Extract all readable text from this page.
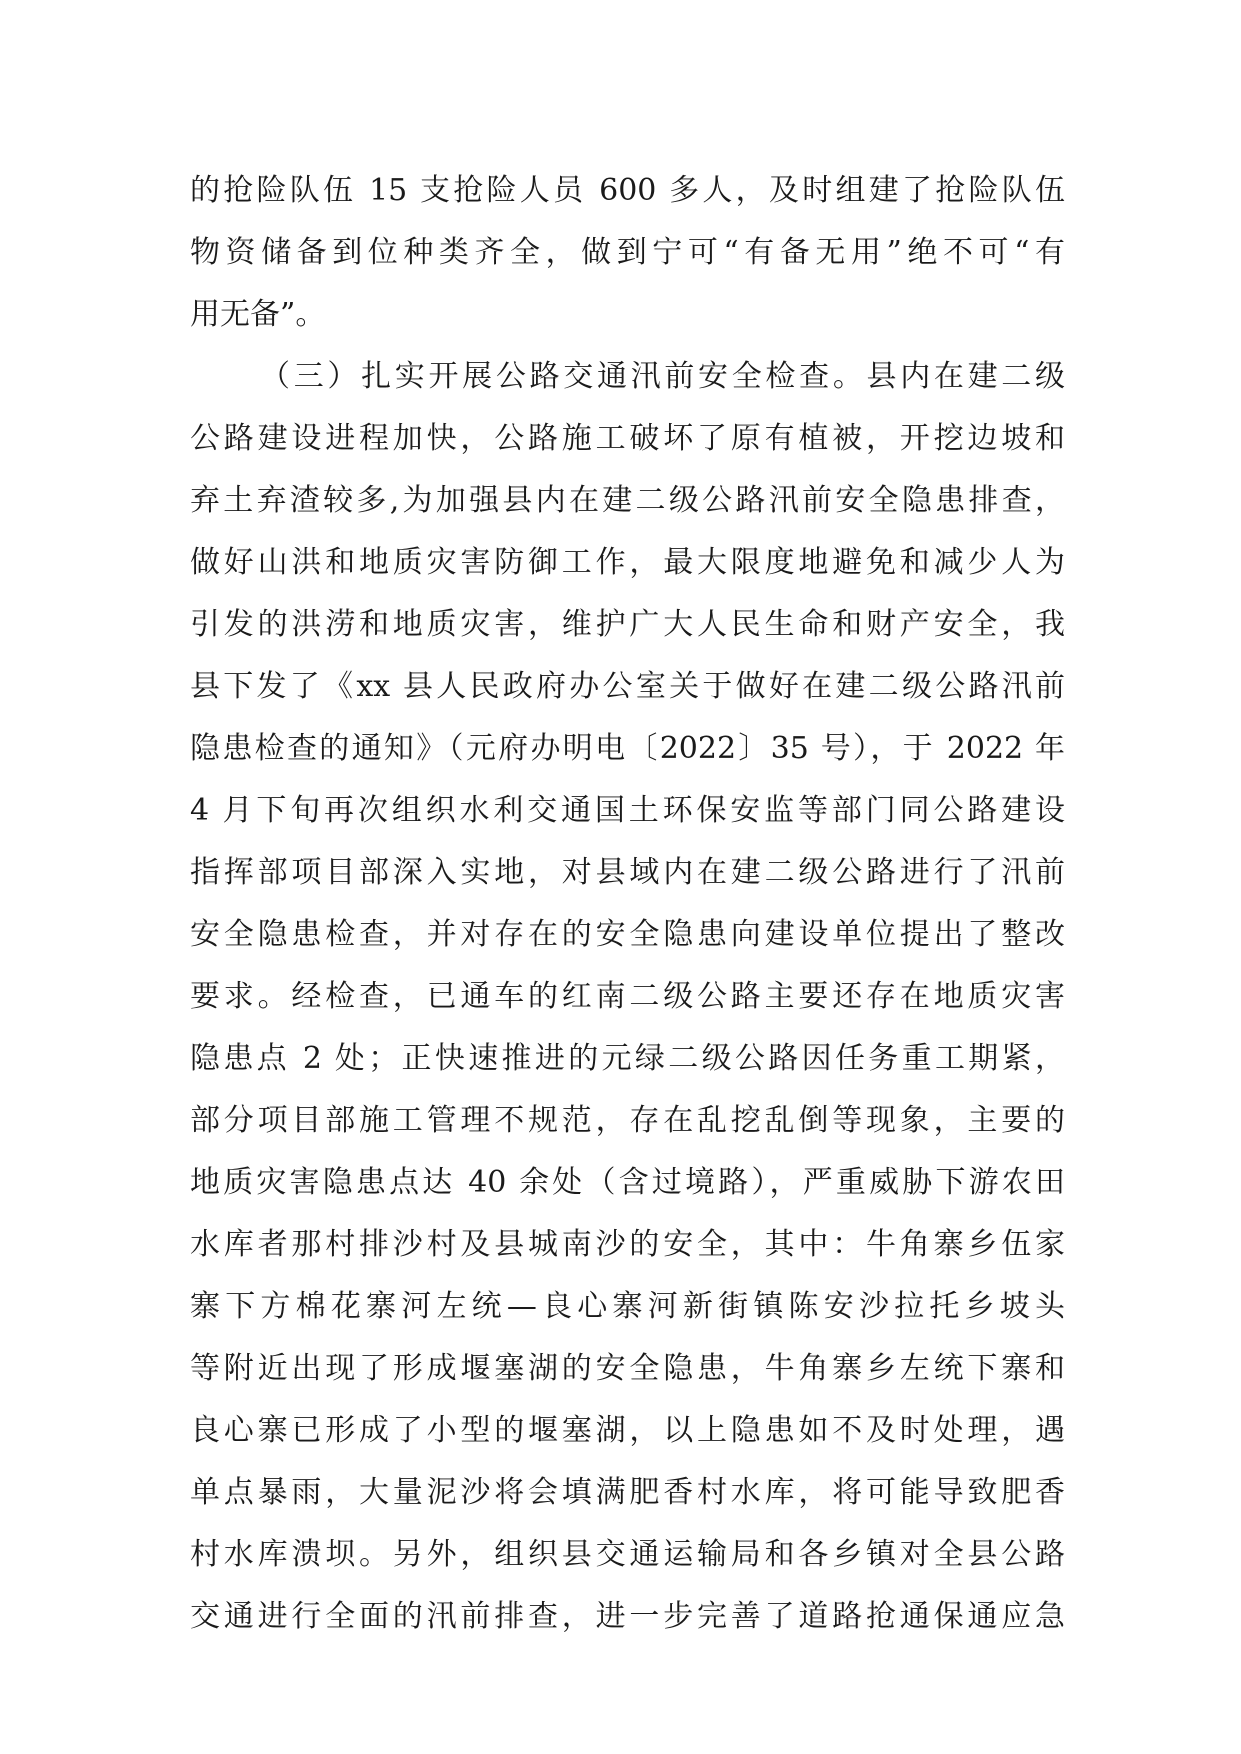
的抢险队伍 15 支抢险人员 600 多人，及时组建了抢险队伍
物资储备到位种类齐全，做到宁可“有备无用”绝不可“有
用无备”。
（三）扎实开展公路交通汛前安全检查。县内在建二级
公路建设进程加快，公路施工破坏了原有植被，开挖边坡和
弃土弃渣较多,为加强县内在建二级公路汛前安全隐患排查，
做好山洪和地质灾害防御工作，最大限度地避免和减少人为
引发的洪涝和地质灾害，维护广大人民生命和财产安全，我
县下发了《xx 县人民政府办公室关于做好在建二级公路汛前
隐患检查的通知》（元府办明电〔2022〕35 号），于 2022 年
4 月下旬再次组织水利交通国土环保安监等部门同公路建设
指挥部项目部深入实地，对县域内在建二级公路进行了汛前
安全隐患检查，并对存在的安全隐患向建设单位提出了整改
要求。经检查，已通车的红南二级公路主要还存在地质灾害
隐患点 2 处；正快速推进的元绿二级公路因任务重工期紧，
部分项目部施工管理不规范，存在乱挖乱倒等现象，主要的
地质灾害隐患点达 40 余处（含过境路），严重威胁下游农田
水库者那村排沙村及县城南沙的安全，其中：牛角寨乡伍家
寨下方棉花寨河左统—良心寨河新街镇陈安沙拉托乡坡头
等附近出现了形成堰塞湖的安全隐患，牛角寨乡左统下寨和
良心寨已形成了小型的堰塞湖，以上隐患如不及时处理，遇
单点暴雨，大量泥沙将会填满肥香村水库，将可能导致肥香
村水库溃坝。另外，组织县交通运输局和各乡镇对全县公路
交通进行全面的汛前排查，进一步完善了道路抢通保通应急
